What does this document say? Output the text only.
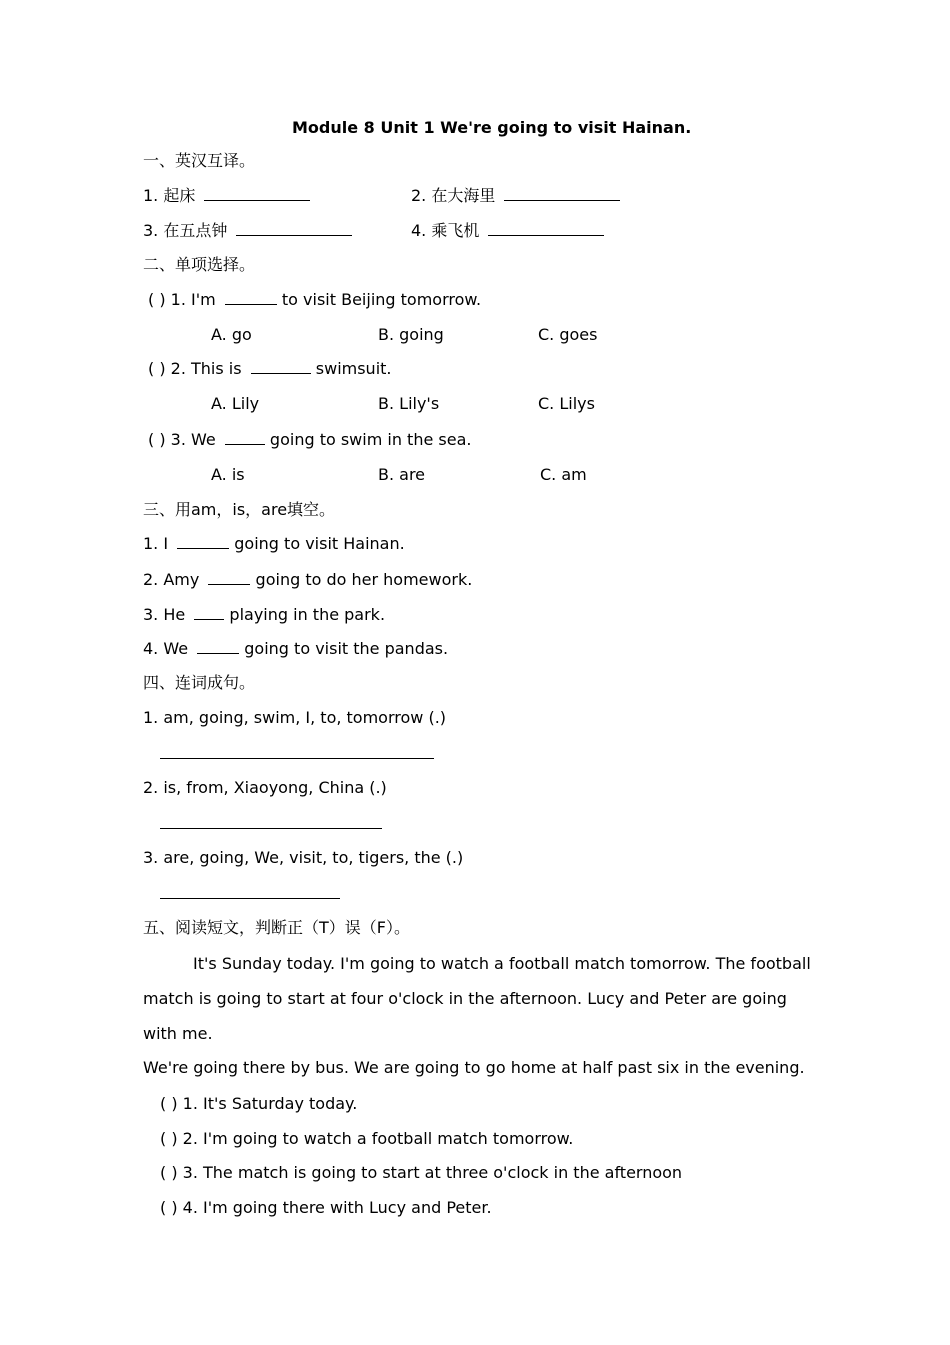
Module 8 Unit 1 We're going to visit Hainan.
一、英汉互译。
1. 起床	2. 在大海里
3. 在五点钟	4. 乘飞机
二、单项选择。
( ) 1. I'm	to visit Beijing tomorrow.
A. go	B. going	C. goes
( ) 2. This is	swimsuit.
A. Lily	B. Lily's	C. Lilys
( ) 3. We	going to swim in the sea.
A. is	B. are	C. am
三、用am，is，are填空。
1. I	going to visit Hainan.
2. Amy	going to do her homework.
3. He	playing in the park.
4. We	going to visit the pandas.
四、连词成句。
1. am, going, swim, I, to, tomorrow (.)
2. is, from, Xiaoyong, China (.)
3. are, going, We, visit, to, tigers, the (.)
五、阅读短文，判断正（T）误（F）。
It's Sunday today. I'm going to watch a football match tomorrow. The football match is going to start at four o'clock in the afternoon. Lucy and Peter are going with me.
We're going there by bus. We are going to go home at half past six in the evening.
( ) 1. It's Saturday today.
( ) 2. I'm going to watch a football match tomorrow.
( ) 3. The match is going to start at three o'clock in the afternoon
( ) 4. I'm going there with Lucy and Peter.
